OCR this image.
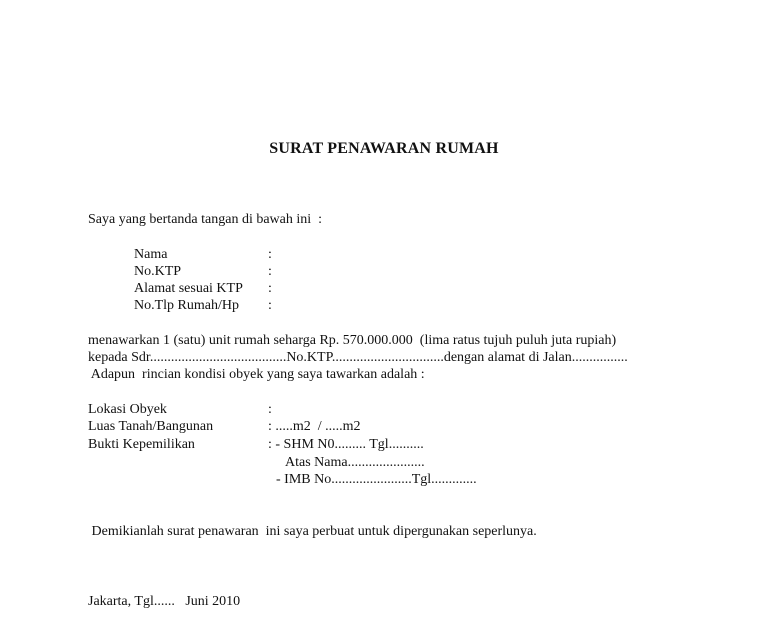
SURAT PENAWARAN RUMAH
Saya yang bertanda tangan di bawah ini  :
Nama	:
No.KTP	:
Alamat sesuai KTP :
No.Tlp Rumah/Hp :
menawarkan 1 (satu) unit rumah seharga Rp. 570.000.000  (lima ratus tujuh puluh juta rupiah)
kepada Sdr.......................................No.KTP................................dengan alamat di Jalan................
Adapun  rincian kondisi obyek yang saya tawarkan adalah :
Lokasi Obyek	:
Luas Tanah/Bangunan	: .....m2  / .....m2
Bukti Kepemilikan	: - SHM N0......... Tgl..........
Atas Nama......................
- IMB No.......................Tgl.............
Demikianlah surat penawaran  ini saya perbuat untuk dipergunakan seperlunya.
Jakarta, Tgl......   Juni 2010
